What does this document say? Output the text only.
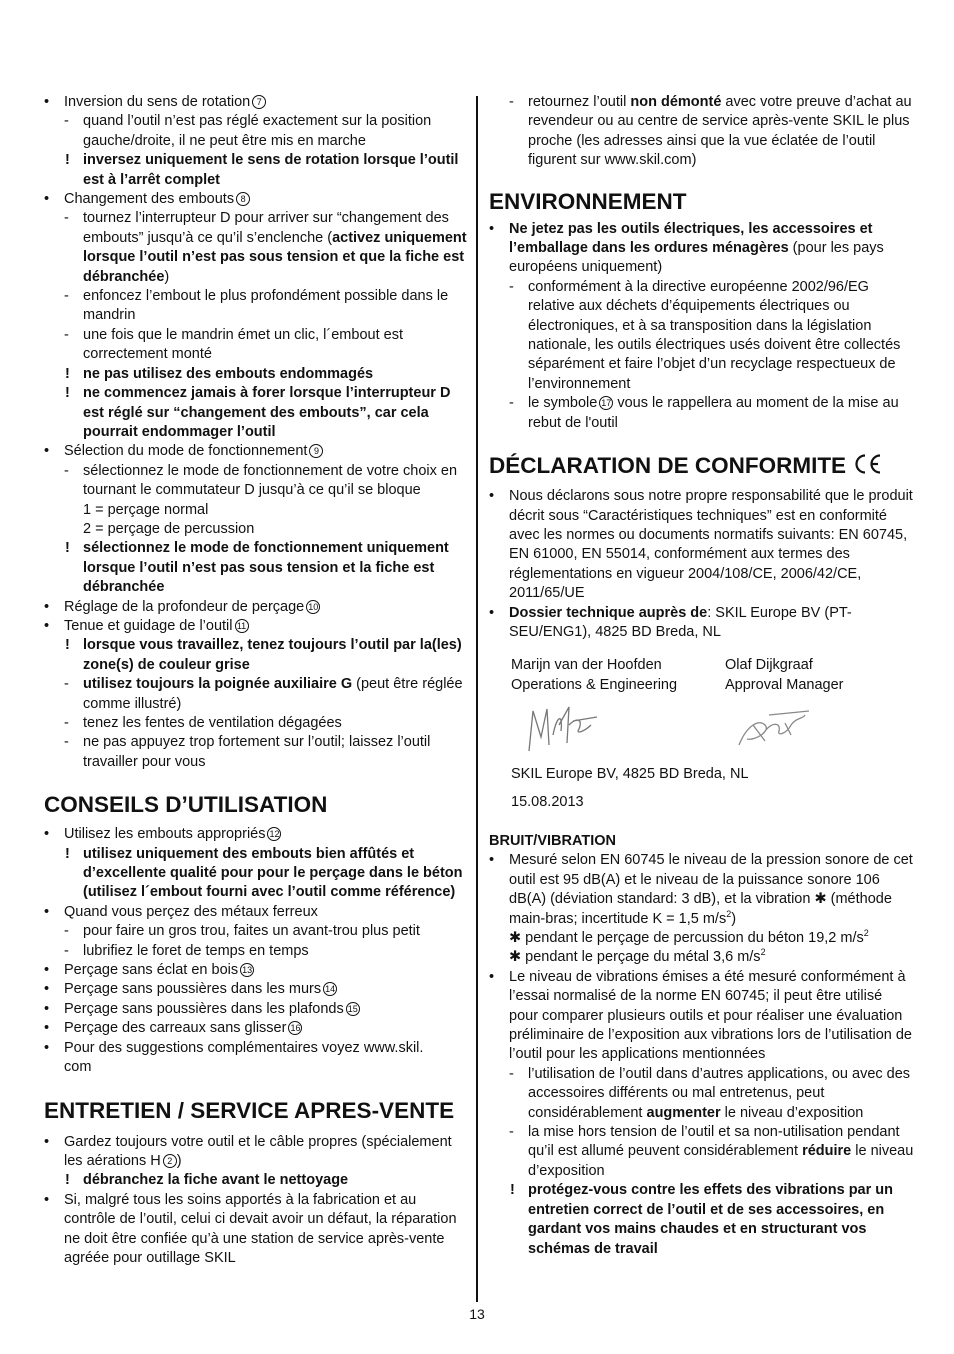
• Inversion du sens de rotation 7
- quand l’outil n’est pas réglé exactement sur la position gauche/droite, il ne peut être mis en marche
! inversez uniquement le sens de rotation lorsque l’outil est à l’arrêt complet
• Changement des embouts 8
- tournez l’interrupteur D pour arriver sur “changement des embouts” jusqu’à ce qu’il s’enclenche (activez uniquement lorsque l’outil n’est pas sous tension et que la fiche est débranchée)
- enfoncez l’embout le plus profondément possible dans le mandrin
- une fois que le mandrin émet un clic, l´embout est correctement monté
! ne pas utilisez des embouts endommagés
! ne commencez jamais à forer lorsque l’interrupteur D est réglé sur “changement des embouts”, car cela pourrait endommager l’outil
• Sélection du mode de fonctionnement 9
- sélectionnez le mode de fonctionnement de votre choix en tournant le commutateur D jusqu’à ce qu’il se bloque
1 = perçage normal
2 = perçage de percussion
! sélectionnez le mode de fonctionnement uniquement lorsque l’outil n’est pas sous tension et la fiche est débranchée
• Réglage de la profondeur de perçage 10
• Tenue et guidage de l’outil 11
! lorsque vous travaillez, tenez toujours l’outil par la(les) zone(s) de couleur grise
- utilisez toujours la poignée auxiliaire G (peut être réglée comme illustré)
- tenez les fentes de ventilation dégagées
- ne pas appuyez trop fortement sur l’outil; laissez l’outil travailler pour vous
CONSEILS D’UTILISATION
• Utilisez les embouts appropriés 12
! utilisez uniquement des embouts bien affûtés et d’excellente qualité pour pour le perçage dans le béton (utilisez l´embout fourni avec l’outil comme référence)
• Quand vous perçez des métaux ferreux
- pour faire un gros trou, faites un avant-trou plus petit
- lubrifiez le foret de temps en temps
• Perçage sans éclat en bois 13
• Perçage sans poussières dans les murs 14
• Perçage sans poussières dans les plafonds 15
• Perçage des carreaux sans glisser 16
• Pour des suggestions complémentaires voyez www.skil.
com
ENTRETIEN / SERVICE APRES-VENTE
• Gardez toujours votre outil et le câble propres (spécialement les aérations H 2 )
! débranchez la fiche avant le nettoyage
• Si, malgré tous les soins apportés à la fabrication et au contrôle de l’outil, celui ci devait avoir un défaut, la réparation ne doit être confiée qu’à une station de service après-vente agréée pour outillage SKIL
- retournez l’outil non démonté avec votre preuve d’achat au revendeur ou au centre de service après-vente SKIL le plus proche (les adresses ainsi que la vue éclatée de l’outil figurent sur www.skil.com)
ENVIRONNEMENT
• Ne jetez pas les outils électriques, les accessoires et l’emballage dans les ordures ménagères (pour les pays européens uniquement)
- conformément à la directive européenne 2002/96/EG relative aux déchets d’équipements électriques ou électroniques, et à sa transposition dans la législation nationale, les outils électriques usés doivent être collectés séparément et faire l’objet d’un recyclage respectueux de l’environnement
- le symbole 17 vous le rappellera au moment de la mise au rebut de l'outil
DÉCLARATION DE CONFORMITE
• Nous déclarons sous notre propre responsabilité que le produit décrit sous “Caractéristiques techniques” est en conformité avec les normes ou documents normatifs suivants: EN 60745, EN 61000, EN 55014, conformément aux termes des réglementations en vigueur 2004/108/CE, 2006/42/CE, 2011/65/UE
• Dossier technique auprès de: SKIL Europe BV (PT-SEU/ENG1), 4825 BD Breda, NL
Marijn van der Hoofden
Operations & Engineering
Olaf Dijkgraaf
Approval Manager
SKIL Europe BV, 4825 BD Breda, NL
15.08.2013
BRUIT/VIBRATION
• Mesuré selon EN 60745 le niveau de la pression sonore de cet outil est 95 dB(A) et le niveau de la puissance sonore 106 dB(A) (déviation standard: 3 dB), et la vibration ✱ (méthode main-bras; incertitude K = 1,5 $m/s^2$)
✱ pendant le perçage de percussion du béton 19,2 $m/s^2$
✱ pendant le perçage du métal 3,6 $m/s^2$
• Le niveau de vibrations émises a été mesuré conformément à l’essai normalisé de la norme EN 60745; il peut être utilisé pour comparer plusieurs outils et pour réaliser une évaluation préliminaire de l’exposition aux vibrations lors de l’utilisation de l’outil pour les applications mentionnées
- l’utilisation de l’outil dans d’autres applications, ou avec des accessoires différents ou mal entretenus, peut considérablement augmenter le niveau d’exposition
- la mise hors tension de l’outil et sa non-utilisation pendant qu’il est allumé peuvent considérablement réduire le niveau d’exposition
! protégez-vous contre les effets des vibrations par un entretien correct de l’outil et de ses accessoires, en gardant vos mains chaudes et en structurant vos schémas de travail
13
